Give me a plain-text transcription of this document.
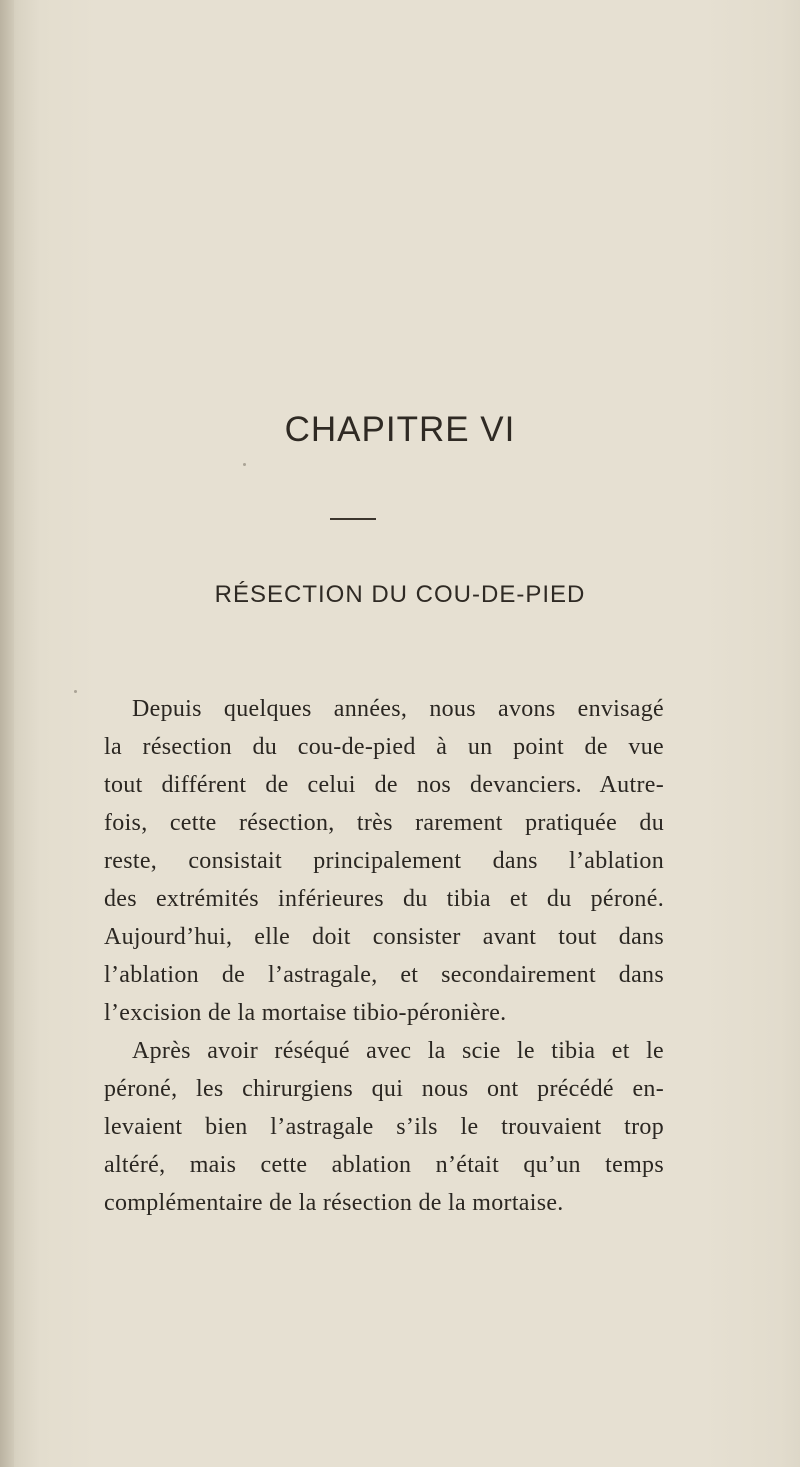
CHAPITRE VI
RÉSECTION DU COU-DE-PIED

Depuis quelques années, nous avons envisagé
la résection du cou-de-pied à un point de vue
tout différent de celui de nos devanciers. Autre-
fois, cette résection, très rarement pratiquée du
reste, consistait principalement dans l’ablation
des extrémités inférieures du tibia et du péroné.
Aujourd’hui, elle doit consister avant tout dans
l’ablation de l’astragale, et secondairement dans
l’excision de la mortaise tibio-péronière.

Après avoir réséqué avec la scie le tibia et le
péroné, les chirurgiens qui nous ont précédé en-
levaient bien l’astragale s’ils le trouvaient trop
altéré, mais cette ablation n’était qu’un temps
complémentaire de la résection de la mortaise.
